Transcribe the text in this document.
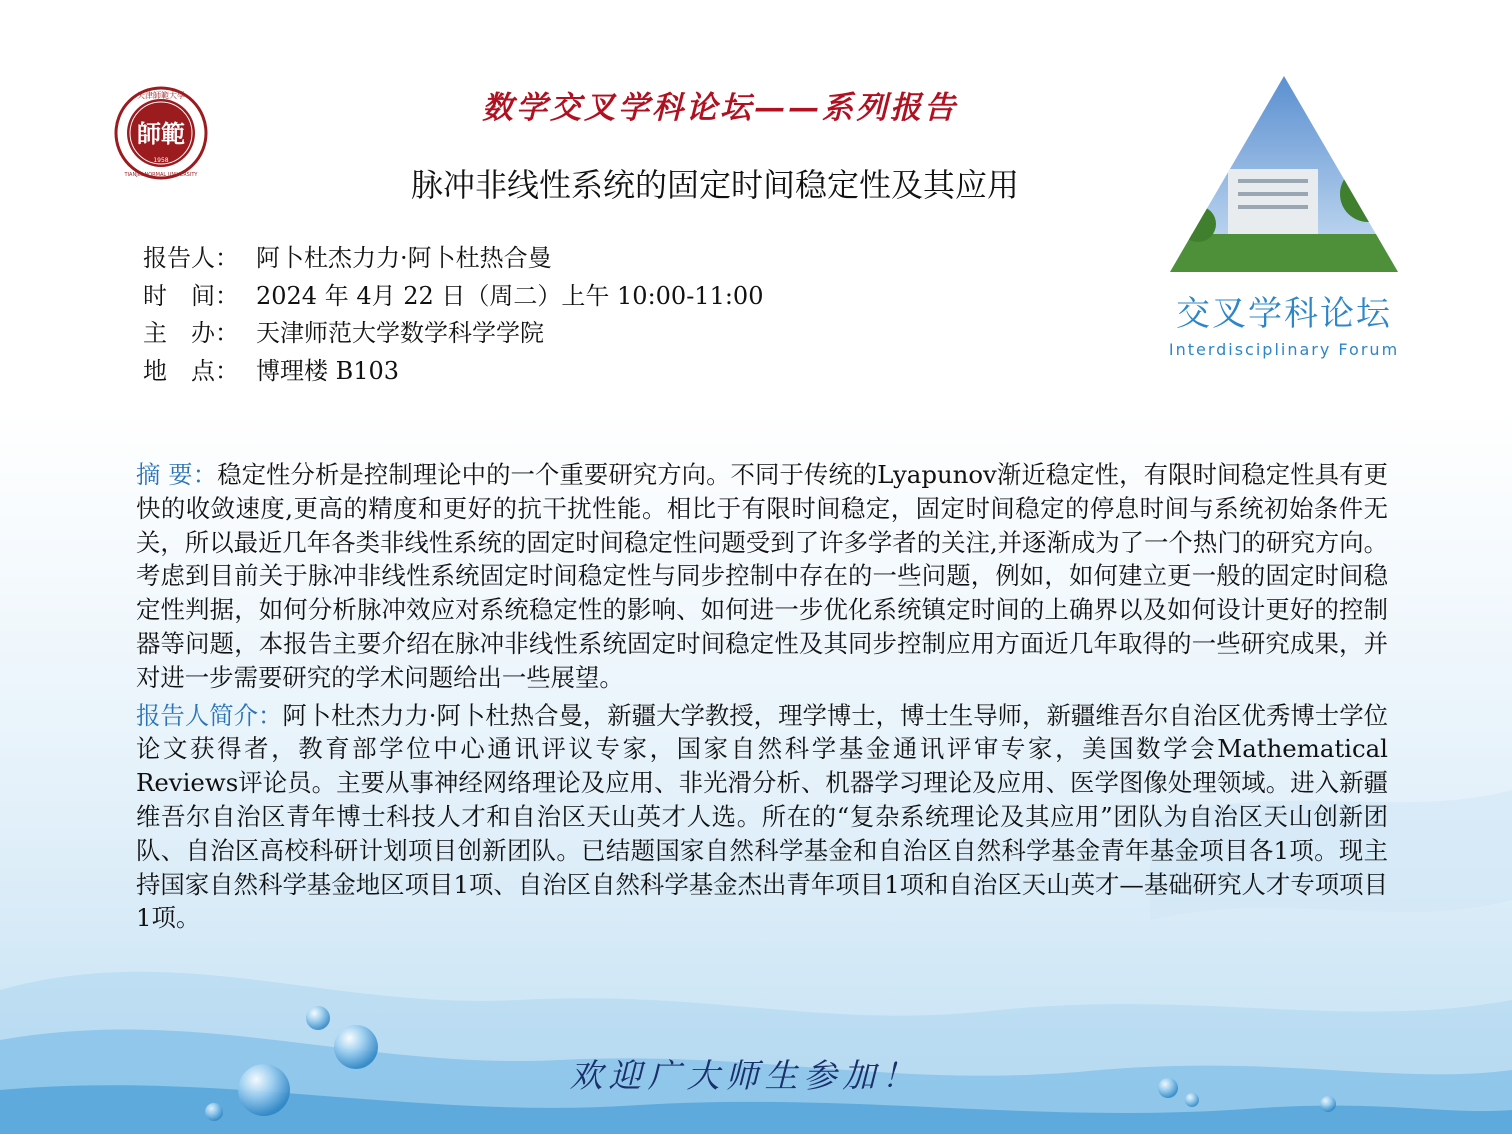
師範
1958
天津師範大學
TIANJIN NORMAL UNIVERSITY
数学交叉学科论坛——系列报告
脉冲非线性系统的固定时间稳定性及其应用
报告人： 阿卜杜杰力力·阿卜杜热合曼
时　间： 2024 年 4月 22 日（周二）上午 10:00-11:00
主　办： 天津师范大学数学科学学院
地　点： 博理楼 B103
交叉学科论坛
Interdisciplinary Forum

摘 要：稳定性分析是控制理论中的一个重要研究方向。不同于传统的Lyapunov渐近稳定性，有限时间稳定性具有更快的收敛速度,更高的精度和更好的抗干扰性能。相比于有限时间稳定，固定时间稳定的停息时间与系统初始条件无关，所以最近几年各类非线性系统的固定时间稳定性问题受到了许多学者的关注,并逐渐成为了一个热门的研究方向。考虑到目前关于脉冲非线性系统固定时间稳定性与同步控制中存在的一些问题，例如，如何建立更一般的固定时间稳定性判据，如何分析脉冲效应对系统稳定性的影响、如何进一步优化系统镇定时间的上确界以及如何设计更好的控制器等问题，本报告主要介绍在脉冲非线性系统固定时间稳定性及其同步控制应用方面近几年取得的一些研究成果，并对进一步需要研究的学术问题给出一些展望。

报告人简介：阿卜杜杰力力·阿卜杜热合曼，新疆大学教授，理学博士，博士生导师，新疆维吾尔自治区优秀博士学位论文获得者，教育部学位中心通讯评议专家，国家自然科学基金通讯评审专家，美国数学会Mathematical Reviews评论员。主要从事神经网络理论及应用、非光滑分析、机器学习理论及应用、医学图像处理领域。进入新疆维吾尔自治区青年博士科技人才和自治区天山英才人选。所在的“复杂系统理论及其应用”团队为自治区天山创新团队、自治区高校科研计划项目创新团队。已结题国家自然科学基金和自治区自然科学基金青年基金项目各1项。现主持国家自然科学基金地区项目1项、自治区自然科学基金杰出青年项目1项和自治区天山英才—基础研究人才专项项目1项。

欢迎广大师生参加！
